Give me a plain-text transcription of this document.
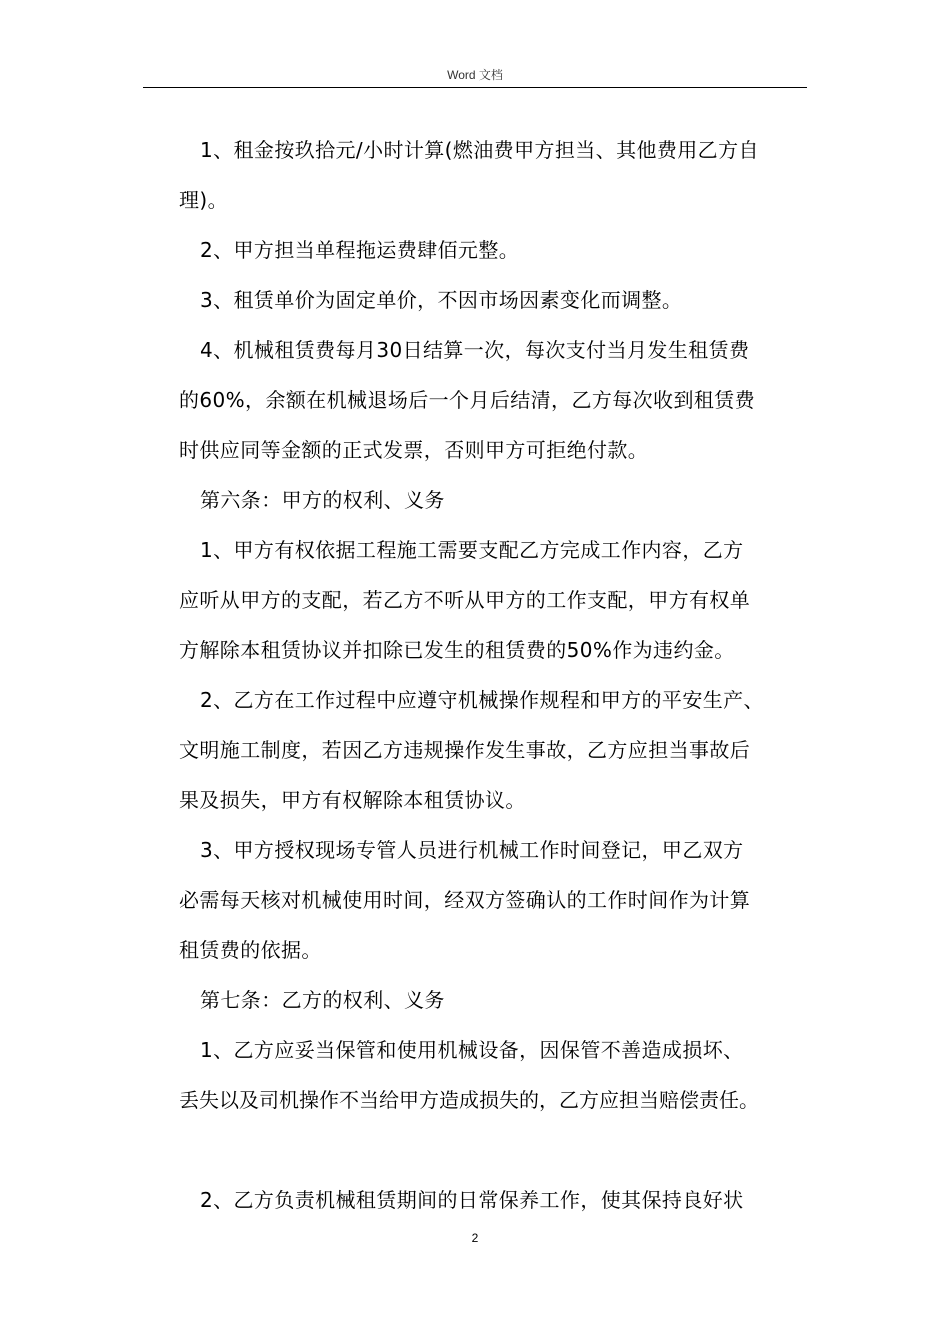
Word 文档
1、租金按玖拾元/小时计算(燃油费甲方担当、其他费用乙方自
理)。
2、甲方担当单程拖运费肆佰元整。
3、租赁单价为固定单价，不因市场因素变化而调整。
4、机械租赁费每月30日结算一次，每次支付当月发生租赁费
的60%，余额在机械退场后一个月后结清，乙方每次收到租赁费
时供应同等金额的正式发票，否则甲方可拒绝付款。
第六条：甲方的权利、义务
1、甲方有权依据工程施工需要支配乙方完成工作内容，乙方
应听从甲方的支配，若乙方不听从甲方的工作支配，甲方有权单
方解除本租赁协议并扣除已发生的租赁费的50%作为违约金。
2、乙方在工作过程中应遵守机械操作规程和甲方的平安生产、
文明施工制度，若因乙方违规操作发生事故，乙方应担当事故后
果及损失，甲方有权解除本租赁协议。
3、甲方授权现场专管人员进行机械工作时间登记，甲乙双方
必需每天核对机械使用时间，经双方签确认的工作时间作为计算
租赁费的依据。
第七条：乙方的权利、义务
1、乙方应妥当保管和使用机械设备，因保管不善造成损坏、
丢失以及司机操作不当给甲方造成损失的，乙方应担当赔偿责任。
2、乙方负责机械租赁期间的日常保养工作，使其保持良好状
2
